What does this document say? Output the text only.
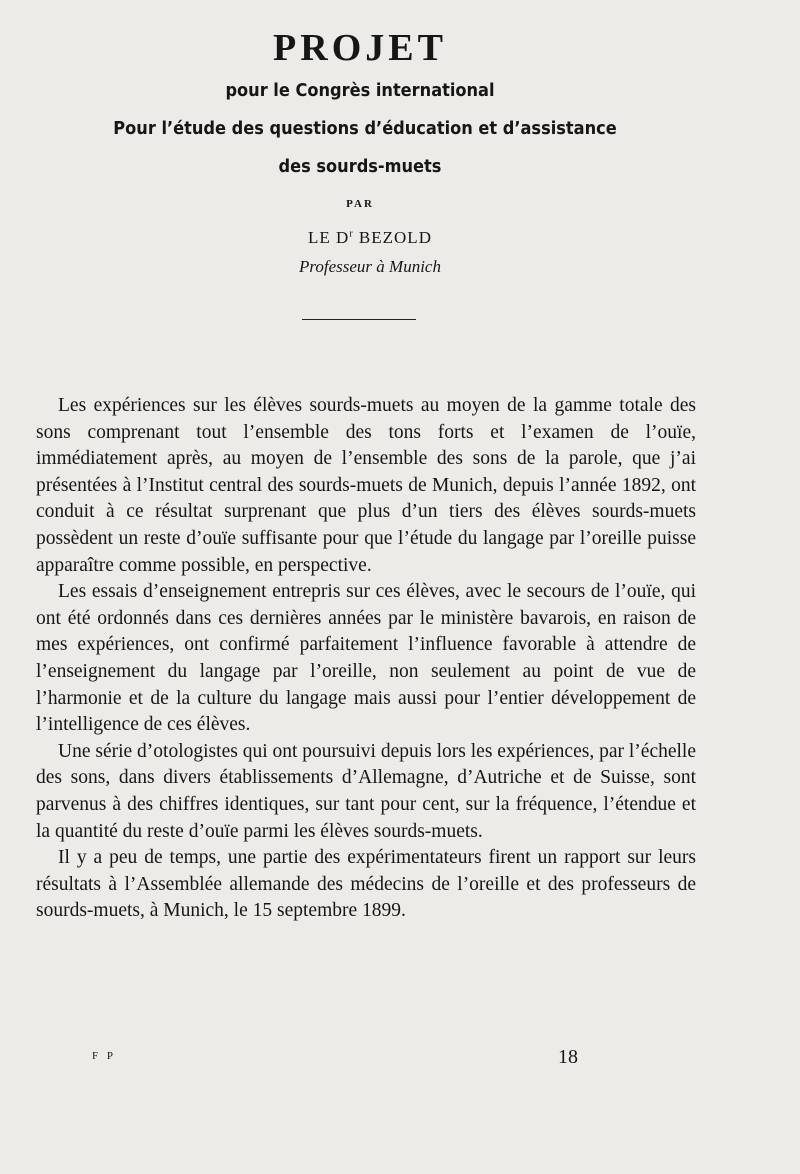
PROJET
pour le Congrès international
Pour l’étude des questions d’éducation et d’assistance
des sourds-muets
PAR
LE $D^r$ BEZOLD
Professeur à Munich

Les expériences sur les élèves sourds-muets au moyen de la gamme totale des sons comprenant tout l’ensemble des tons forts et l’examen de l’ouïe, immédiatement après, au moyen de l’ensemble des sons de la parole, que j’ai présentées à l’Institut central des sourds-muets de Munich, depuis l’année 1892, ont conduit à ce résultat surprenant que plus d’un tiers des élèves sourds-muets possèdent un reste d’ouïe suffisante pour que l’étude du langage par l’oreille puisse apparaître comme possible, en perspective.

Les essais d’enseignement entrepris sur ces élèves, avec le secours de l’ouïe, qui ont été ordonnés dans ces dernières années par le ministère bavarois, en raison de mes expériences, ont confirmé parfaitement l’influence favorable à attendre de l’enseignement du langage par l’oreille, non seulement au point de vue de l’harmonie et de la culture du langage mais aussi pour l’entier développement de l’intelligence de ces élèves.

Une série d’otologistes qui ont poursuivi depuis lors les expériences, par l’échelle des sons, dans divers établissements d’Allemagne, d’Autriche et de Suisse, sont parvenus à des chiffres identiques, sur tant pour cent, sur la fréquence, l’étendue et la quantité du reste d’ouïe parmi les élèves sourds-muets.

Il y a peu de temps, une partie des expérimentateurs firent un rapport sur leurs résultats à l’Assemblée allemande des médecins de l’oreille et des professeurs de sourds-muets, à Munich, le 15 septembre 1899.

F P	18
